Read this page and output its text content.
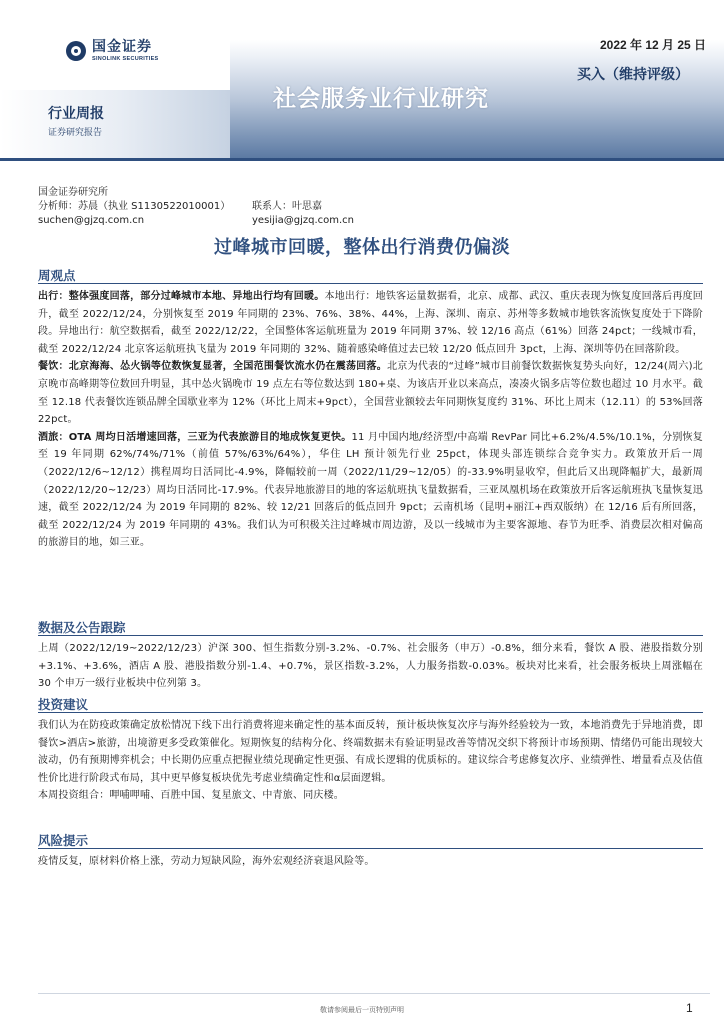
国金证券
SINOLINK SECURITIES
2022 年 12 月 25 日
买入（维持评级）
社会服务业行业研究
行业周报
证券研究报告
国金证券研究所
分析师：苏晨（执业 S1130522010001）	联系人：叶思嘉
suchen@gjzq.com.cn	yesijia@gjzq.com.cn
过峰城市回暖，整体出行消费仍偏淡
周观点
出行：整体强度回落，部分过峰城市本地、异地出行均有回暖。本地出行：地铁客运量数据看，北京、成都、武汉、重庆表现为恢复度回落后再度回升，截至 2022/12/24，分别恢复至 2019 年同期的 23%、76%、38%、44%，上海、深圳、南京、苏州等多数城市地铁客流恢复度处于下降阶段。异地出行：航空数据看，截至 2022/12/22，全国整体客运航班量为 2019 年同期 37%、较 12/16 高点（61%）回落 24pct；一线城市看，截至 2022/12/24 北京客运航班执飞量为 2019 年同期的 32%、随着感染峰值过去已较 12/20 低点回升 3pct，上海、深圳等仍在回落阶段。
餐饮：北京海海、怂火锅等位数恢复显著，全国范围餐饮流水仍在震荡回落。北京为代表的“过峰”城市目前餐饮数据恢复势头向好，12/24(周六)北京晚市高峰期等位数回升明显，其中怂火锅晚市 19 点左右等位数达到 180+桌、为该店开业以来高点，凑凑火锅多店等位数也超过 10 月水平。截至 12.18 代表餐饮连锁品牌全国歇业率为 12%（环比上周末+9pct），全国营业额较去年同期恢复度约 31%、环比上周末（12.11）的 53%回落 22pct。
酒旅：OTA 周均日活增速回落，三亚为代表旅游目的地成恢复更快。11 月中国内地/经济型/中高端 RevPar 同比+6.2%/4.5%/10.1%，分别恢复至 19 年同期 62%/74%/71%（前值 57%/63%/64%），华住 LH 预计领先行业 25pct，体现头部连锁综合竞争实力。政策放开后一周（2022/12/6~12/12）携程周均日活同比-4.9%，降幅较前一周（2022/11/29~12/05）的-33.9%明显收窄，但此后又出现降幅扩大，最新周（2022/12/20~12/23）周均日活同比-17.9%。代表异地旅游目的地的客运航班执飞量数据看，三亚凤凰机场在政策放开后客运航班执飞量恢复迅速，截至 2022/12/24 为 2019 年同期的 82%、较 12/21 回落后的低点回升 9pct；云南机场（昆明+丽江+西双版纳）在 12/16 后有所回落，截至 2022/12/24 为 2019 年同期的 43%。我们认为可积极关注过峰城市周边游，及以一线城市为主要客源地、春节为旺季、消费层次相对偏高的旅游目的地，如三亚。
数据及公告跟踪
上周（2022/12/19~2022/12/23）沪深 300、恒生指数分别-3.2%、-0.7%、社会服务（申万）-0.8%，细分来看，餐饮 A 股、港股指数分别+3.1%、+3.6%，酒店 A 股、港股指数分别-1.4、+0.7%，景区指数-3.2%，人力服务指数-0.03%。板块对比来看，社会服务板块上周涨幅在 30 个申万一级行业板块中位列第 3。
投资建议
我们认为在防疫政策确定放松情况下线下出行消费将迎来确定性的基本面反转，预计板块恢复次序与海外经验较为一致，本地消费先于异地消费，即餐饮>酒店>旅游，出境游更多受政策催化。短期恢复的结构分化、终端数据未有验证明显改善等情况交织下将预计市场预期、情绪仍可能出现较大波动，仍有预期博弈机会；中长期仍应重点把握业绩兑现确定性更强、有成长逻辑的优质标的。建议综合考虑修复次序、业绩弹性、增量看点及估值性价比进行阶段式布局，其中更早修复板块优先考虑业绩确定性和α层面逻辑。
本周投资组合：呷哺呷哺、百胜中国、复星旅文、中青旅、同庆楼。
风险提示
疫情反复，原材料价格上涨，劳动力短缺风险，海外宏观经济衰退风险等。
敬请参阅最后一页特别声明	1
